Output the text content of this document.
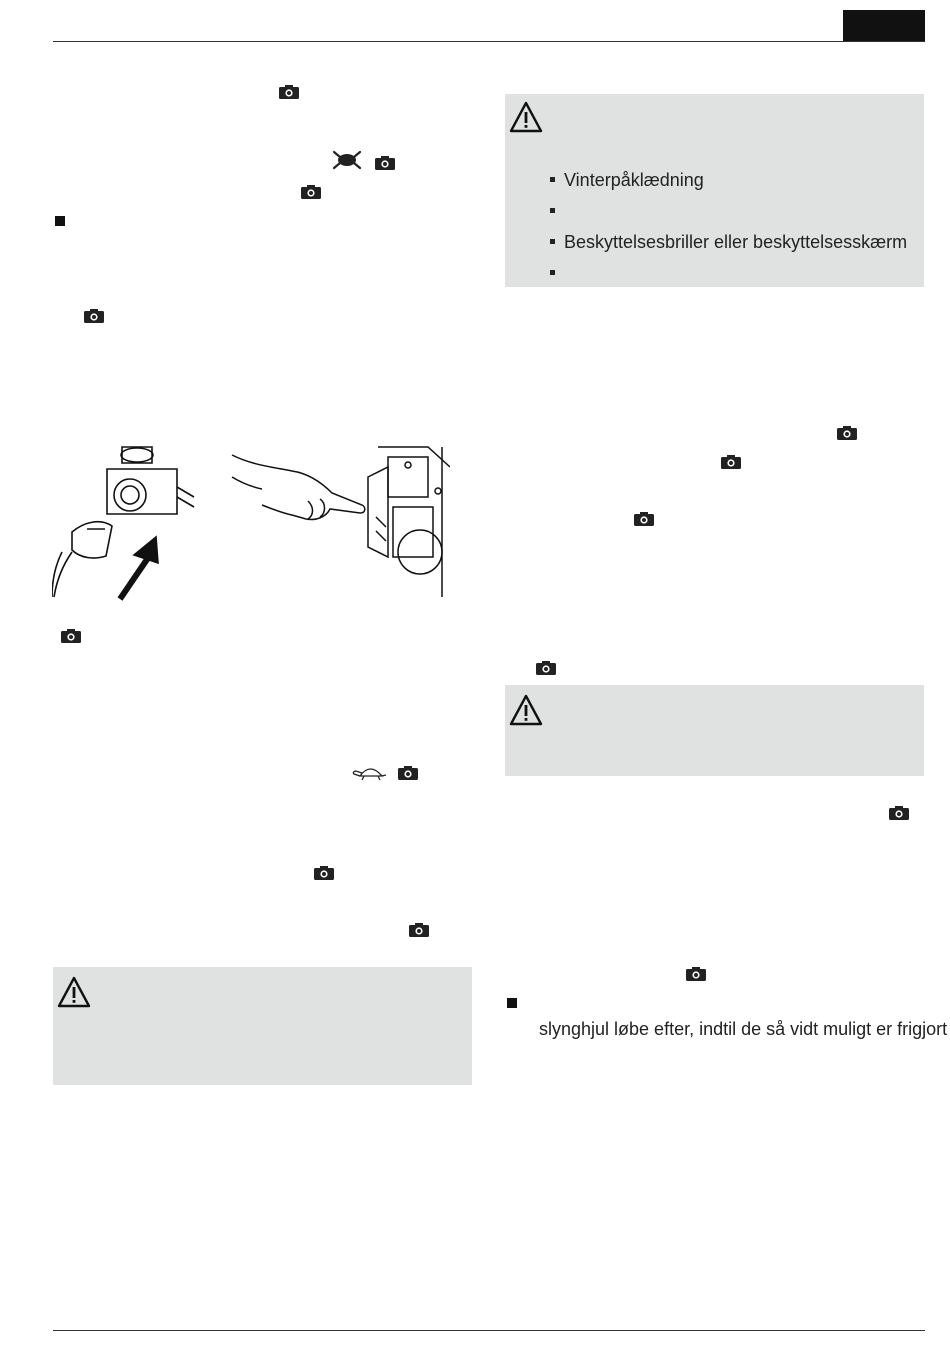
Vinterpåklædning
Beskyttelsesbriller eller beskyttelsesskærm
slynghjul løbe efter, indtil de så vidt muligt er frigjort
